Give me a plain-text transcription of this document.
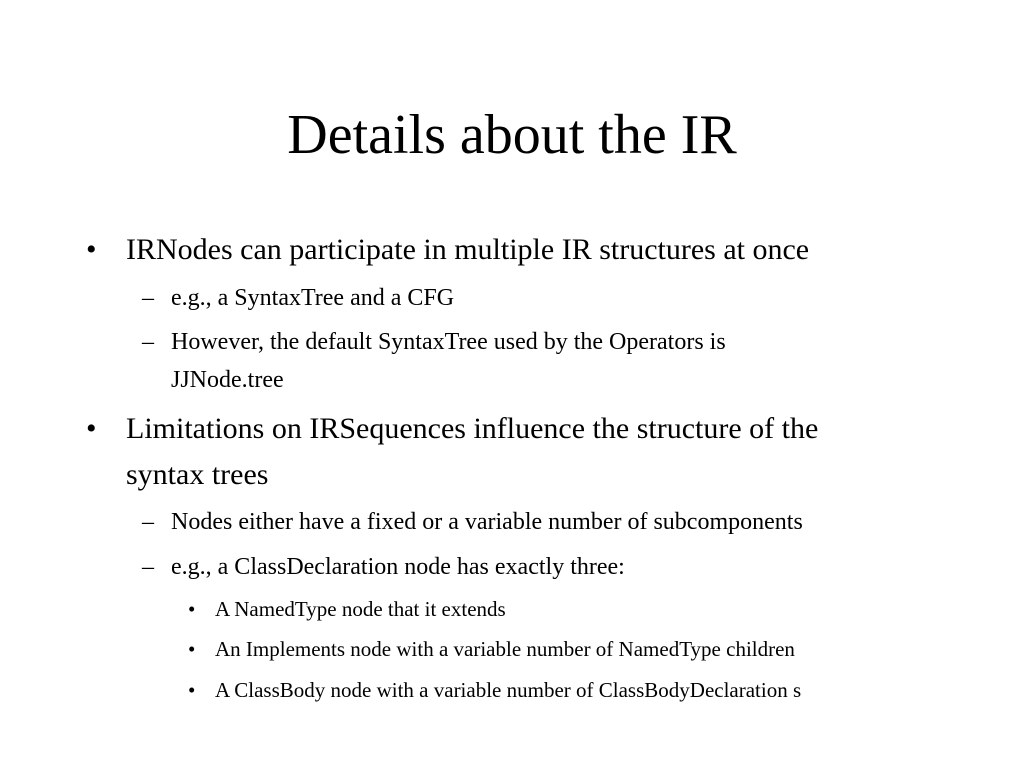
Details about the IR
• IRNodes can participate in multiple IR structures at once
– e.g., a SyntaxTree and a CFG
– However, the default SyntaxTree used by the Operators is
JJNode.tree
• Limitations on IRSequences influence the structure of the
syntax trees
– Nodes either have a fixed or a variable number of subcomponents
– e.g., a ClassDeclaration node has exactly three:
• A NamedType node that it extends
• An Implements node with a variable number of NamedType children
• A ClassBody node with a variable number of ClassBodyDeclaration s
